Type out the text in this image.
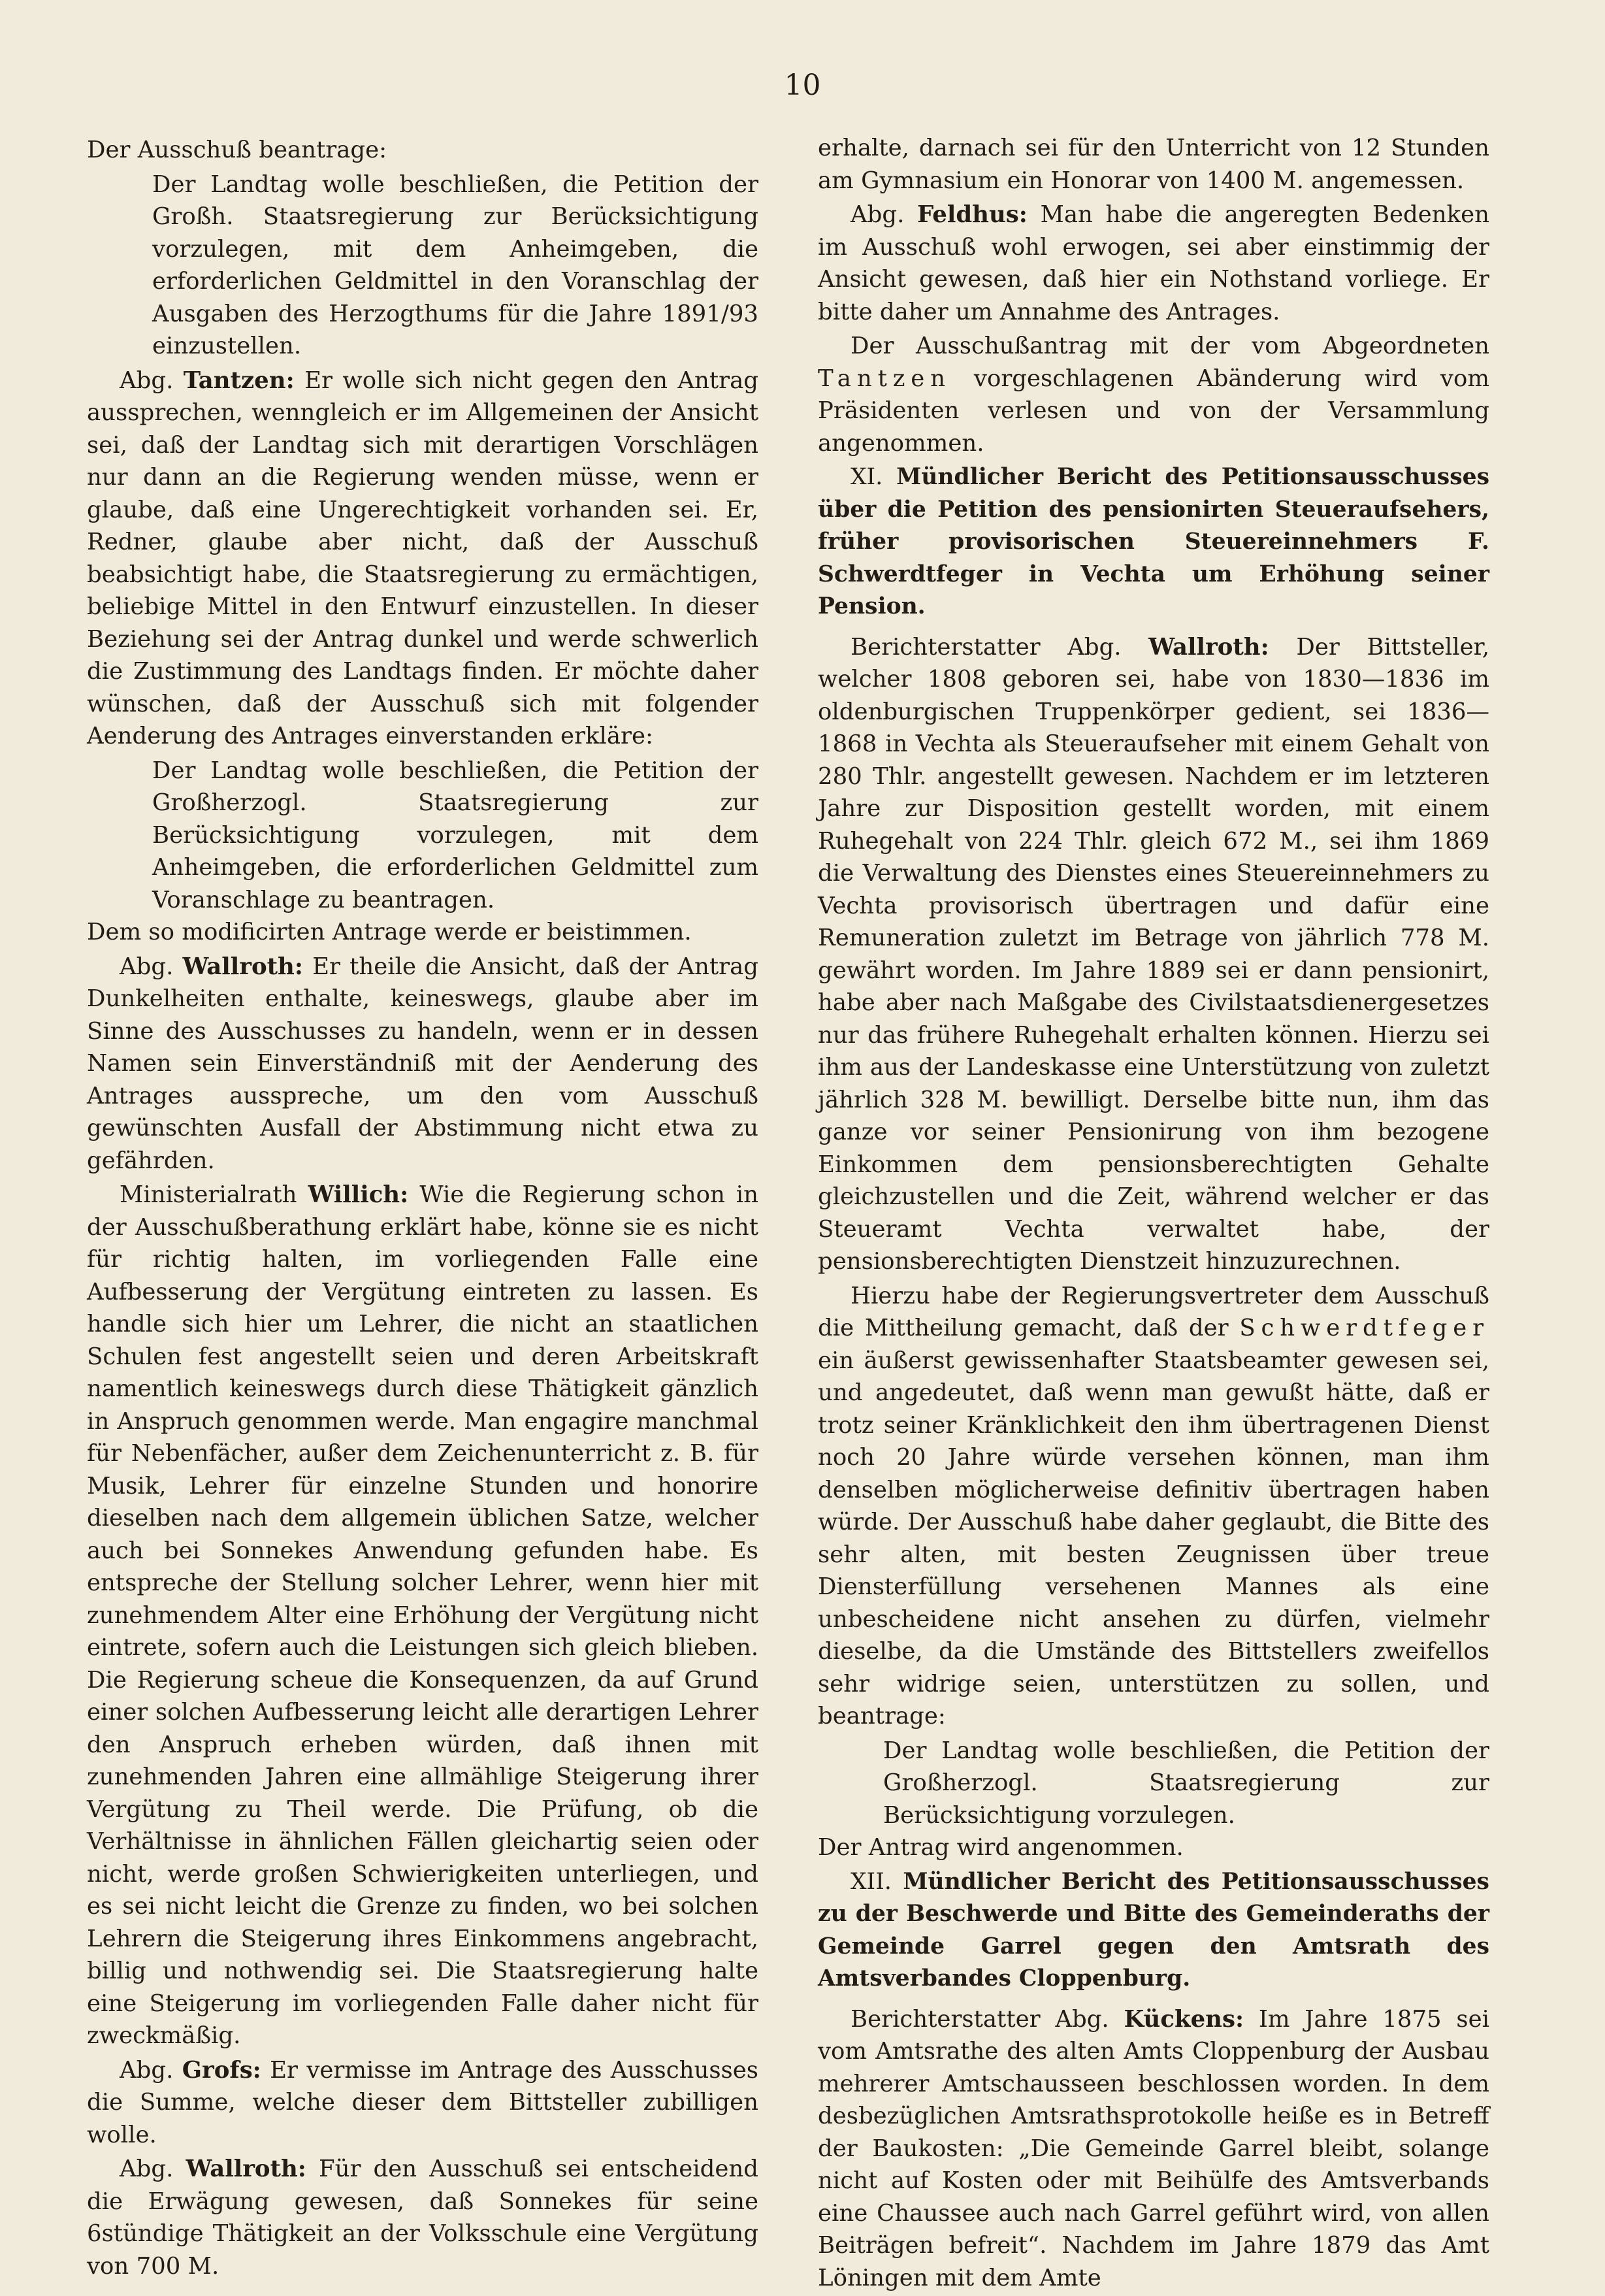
10

Der Ausschuß beantrage:

Der Landtag wolle beschließen, die Petition der Großh. Staatsregierung zur Berücksichtigung vorzulegen, mit dem Anheimgeben, die erforderlichen Geldmittel in den Voranschlag der Ausgaben des Herzogthums für die Jahre 1891/93 einzustellen.

Abg. Tantzen: Er wolle sich nicht gegen den Antrag aussprechen, wenngleich er im Allgemeinen der Ansicht sei, daß der Landtag sich mit derartigen Vorschlägen nur dann an die Regierung wenden müsse, wenn er glaube, daß eine Ungerechtigkeit vorhanden sei. Er, Redner, glaube aber nicht, daß der Ausschuß beabsichtigt habe, die Staatsregierung zu ermächtigen, beliebige Mittel in den Entwurf einzustellen. In dieser Beziehung sei der Antrag dunkel und werde schwerlich die Zustimmung des Landtags finden. Er möchte daher wünschen, daß der Ausschuß sich mit folgender Aenderung des Antrages einverstanden erkläre:

Der Landtag wolle beschließen, die Petition der Großherzogl. Staatsregierung zur Berücksichtigung vorzulegen, mit dem Anheimgeben, die erforderlichen Geldmittel zum Voranschlage zu beantragen.

Dem so modificirten Antrage werde er beistimmen.

Abg. Wallroth: Er theile die Ansicht, daß der Antrag Dunkelheiten enthalte, keineswegs, glaube aber im Sinne des Ausschusses zu handeln, wenn er in dessen Namen sein Einverständniß mit der Aenderung des Antrages ausspreche, um den vom Ausschuß gewünschten Ausfall der Abstimmung nicht etwa zu gefährden.

Ministerialrath Willich: Wie die Regierung schon in der Ausschußberathung erklärt habe, könne sie es nicht für richtig halten, im vorliegenden Falle eine Aufbesserung der Vergütung eintreten zu lassen. Es handle sich hier um Lehrer, die nicht an staatlichen Schulen fest angestellt seien und deren Arbeitskraft namentlich keineswegs durch diese Thätigkeit gänzlich in Anspruch genommen werde. Man engagire manchmal für Nebenfächer, außer dem Zeichenunterricht z. B. für Musik, Lehrer für einzelne Stunden und honorire dieselben nach dem allgemein üblichen Satze, welcher auch bei Sonnekes Anwendung gefunden habe. Es entspreche der Stellung solcher Lehrer, wenn hier mit zunehmendem Alter eine Erhöhung der Vergütung nicht eintrete, sofern auch die Leistungen sich gleich blieben. Die Regierung scheue die Konsequenzen, da auf Grund einer solchen Aufbesserung leicht alle derartigen Lehrer den Anspruch erheben würden, daß ihnen mit zunehmenden Jahren eine allmählige Steigerung ihrer Vergütung zu Theil werde. Die Prüfung, ob die Verhältnisse in ähnlichen Fällen gleichartig seien oder nicht, werde großen Schwierigkeiten unterliegen, und es sei nicht leicht die Grenze zu finden, wo bei solchen Lehrern die Steigerung ihres Einkommens angebracht, billig und nothwendig sei. Die Staatsregierung halte eine Steigerung im vorliegenden Falle daher nicht für zweckmäßig.

Abg. Grofs: Er vermisse im Antrage des Ausschusses die Summe, welche dieser dem Bittsteller zubilligen wolle.

Abg. Wallroth: Für den Ausschuß sei entscheidend die Erwägung gewesen, daß Sonnekes für seine 6stündige Thätigkeit an der Volksschule eine Vergütung von 700 M.

erhalte, darnach sei für den Unterricht von 12 Stunden am Gymnasium ein Honorar von 1400 M. angemessen.

Abg. Feldhus: Man habe die angeregten Bedenken im Ausschuß wohl erwogen, sei aber einstimmig der Ansicht gewesen, daß hier ein Nothstand vorliege. Er bitte daher um Annahme des Antrages.

Der Ausschußantrag mit der vom Abgeordneten Tantzen vorgeschlagenen Abänderung wird vom Präsidenten verlesen und von der Versammlung angenommen.

XI. Mündlicher Bericht des Petitionsausschusses über die Petition des pensionirten Steueraufsehers, früher provisorischen Steuereinnehmers F. Schwerdtfeger in Vechta um Erhöhung seiner Pension.

Berichterstatter Abg. Wallroth: Der Bittsteller, welcher 1808 geboren sei, habe von 1830—1836 im oldenburgischen Truppenkörper gedient, sei 1836—1868 in Vechta als Steueraufseher mit einem Gehalt von 280 Thlr. angestellt gewesen. Nachdem er im letzteren Jahre zur Disposition gestellt worden, mit einem Ruhegehalt von 224 Thlr. gleich 672 M., sei ihm 1869 die Verwaltung des Dienstes eines Steuereinnehmers zu Vechta provisorisch übertragen und dafür eine Remuneration zuletzt im Betrage von jährlich 778 M. gewährt worden. Im Jahre 1889 sei er dann pensionirt, habe aber nach Maßgabe des Civilstaatsdienergesetzes nur das frühere Ruhegehalt erhalten können. Hierzu sei ihm aus der Landeskasse eine Unterstützung von zuletzt jährlich 328 M. bewilligt. Derselbe bitte nun, ihm das ganze vor seiner Pensionirung von ihm bezogene Einkommen dem pensionsberechtigten Gehalte gleichzustellen und die Zeit, während welcher er das Steueramt Vechta verwaltet habe, der pensionsberechtigten Dienstzeit hinzuzurechnen.

Hierzu habe der Regierungsvertreter dem Ausschuß die Mittheilung gemacht, daß der Schwerdtfeger ein äußerst gewissenhafter Staatsbeamter gewesen sei, und angedeutet, daß wenn man gewußt hätte, daß er trotz seiner Kränklichkeit den ihm übertragenen Dienst noch 20 Jahre würde versehen können, man ihm denselben möglicherweise definitiv übertragen haben würde. Der Ausschuß habe daher geglaubt, die Bitte des sehr alten, mit besten Zeugnissen über treue Diensterfüllung versehenen Mannes als eine unbescheidene nicht ansehen zu dürfen, vielmehr dieselbe, da die Umstände des Bittstellers zweifellos sehr widrige seien, unterstützen zu sollen, und beantrage:

Der Landtag wolle beschließen, die Petition der Großherzogl. Staatsregierung zur Berücksichtigung vorzulegen.

Der Antrag wird angenommen.

XII. Mündlicher Bericht des Petitionsausschusses zu der Beschwerde und Bitte des Gemeinderaths der Gemeinde Garrel gegen den Amtsrath des Amtsverbandes Cloppenburg.

Berichterstatter Abg. Kückens: Im Jahre 1875 sei vom Amtsrathe des alten Amts Cloppenburg der Ausbau mehrerer Amtschausseen beschlossen worden. In dem desbezüglichen Amtsrathsprotokolle heiße es in Betreff der Baukosten: „Die Gemeinde Garrel bleibt, solange nicht auf Kosten oder mit Beihülfe des Amtsverbands eine Chaussee auch nach Garrel geführt wird, von allen Beiträgen befreit“. Nachdem im Jahre 1879 das Amt Löningen mit dem Amte
